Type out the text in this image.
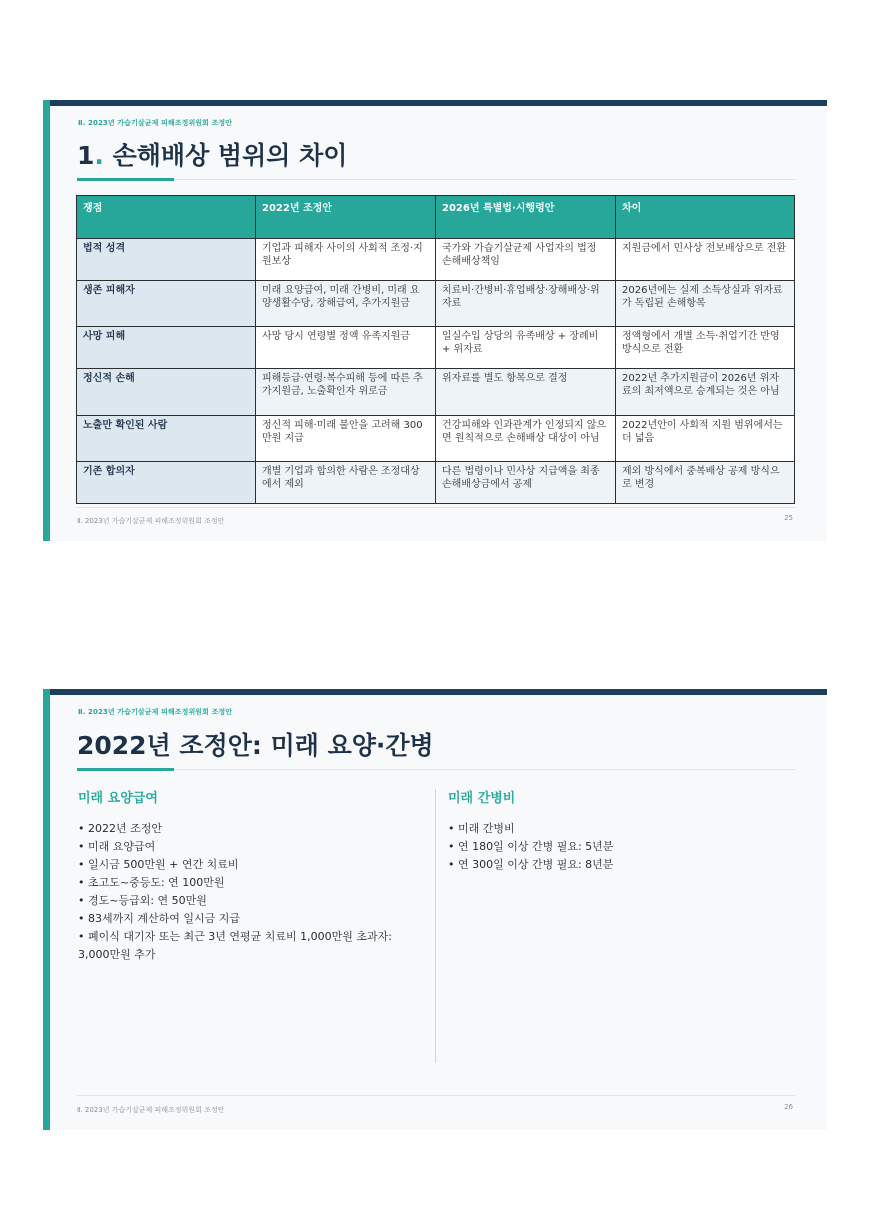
Ⅱ. 2023년 가습기살균제 피해조정위원회 조정안
1. 손해배상 범위의 차이
쟁점	2022년 조정안	2026년 특별법·시행령안	차이
법적 성격	기업과 피해자 사이의 사회적 조정·지원보상	국가와 가습기살균제 사업자의 법정 손해배상책임	지원금에서 민사상 전보배상으로 전환
생존 피해자	미래 요양급여, 미래 간병비, 미래 요양생활수당, 장해급여, 추가지원금	치료비·간병비·휴업배상·장해배상·위자료	2026년에는 실제 소득상실과 위자료가 독립된 손해항목
사망 피해	사망 당시 연령별 정액 유족지원금	일실수입 상당의 유족배상 + 장례비 + 위자료	정액형에서 개별 소득·취업기간 반영 방식으로 전환
정신적 손해	피해등급·연령·복수피해 등에 따른 추가지원금, 노출확인자 위로금	위자료를 별도 항목으로 결정	2022년 추가지원금이 2026년 위자료의 최저액으로 승계되는 것은 아님
노출만 확인된 사람	정신적 피해·미래 불안을 고려해 300만원 지급	건강피해와 인과관계가 인정되지 않으면 원칙적으로 손해배상 대상이 아님	2022년안이 사회적 지원 범위에서는 더 넓음
기존 합의자	개별 기업과 합의한 사람은 조정대상에서 제외	다른 법령이나 민사상 지급액을 최종 손해배상금에서 공제	제외 방식에서 중복배상 공제 방식으로 변경
Ⅱ. 2023년 가습기살균제 피해조정위원회 조정안	25
Ⅱ. 2023년 가습기살균제 피해조정위원회 조정안
2022년 조정안: 미래 요양·간병
미래 요양급여
• 2022년 조정안
• 미래 요양급여
• 일시금 500만원 + 연간 치료비
• 초고도~중등도: 연 100만원
• 경도~등급외: 연 50만원
• 83세까지 계산하여 일시금 지급
• 폐이식 대기자 또는 최근 3년 연평균 치료비 1,000만원 초과자: 3,000만원 추가
미래 간병비
• 미래 간병비
• 연 180일 이상 간병 필요: 5년분
• 연 300일 이상 간병 필요: 8년분
Ⅱ. 2023년 가습기살균제 피해조정위원회 조정안	26
